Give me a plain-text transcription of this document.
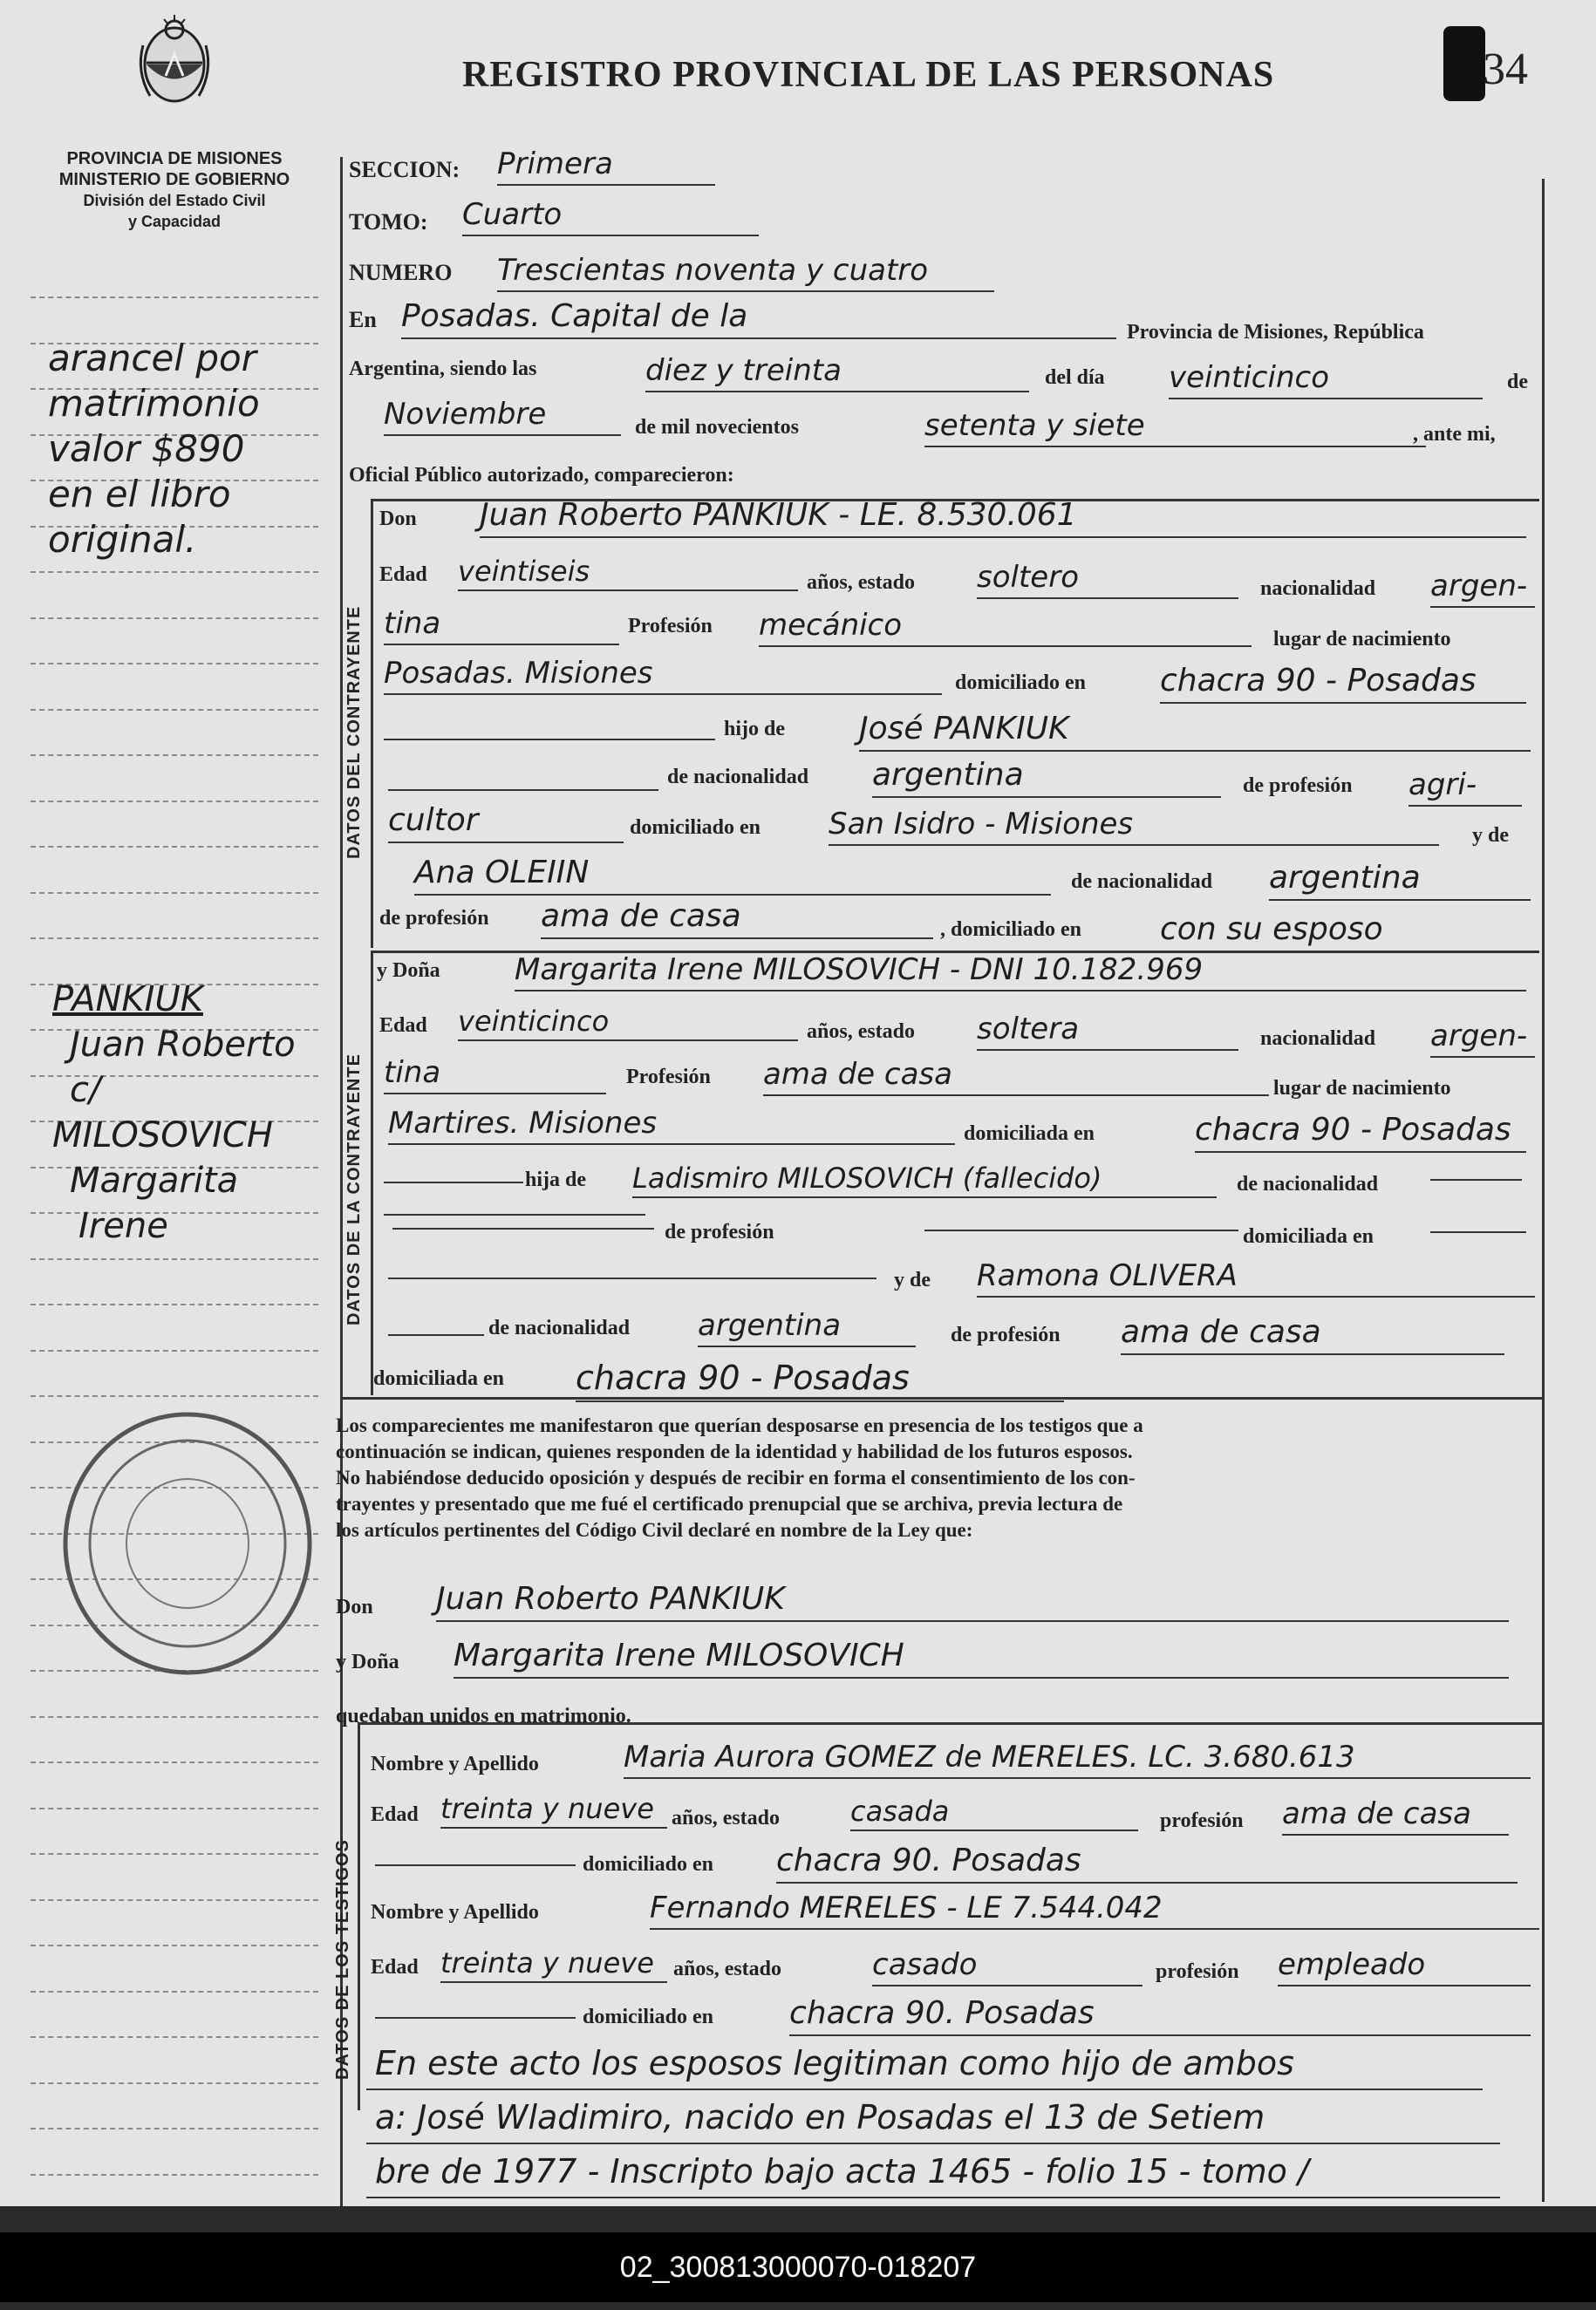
PROVINCIA DE MISIONES
MINISTERIO DE GOBIERNO
División del Estado Civil
y Capacidad
REGISTRO PROVINCIAL DE LAS PERSONAS	34
arancel por
matrimonio
valor $890
en el libro
original.
PANKIUK
Juan Roberto
c/
MILOSOVICH
Margarita
Irene
DATOS DEL CONTRAYENTE
DATOS DE LA CONTRAYENTE
DATOS DE LOS TESTIGOS
SECCION: Primera
TOMO: Cuarto
NUMERO Trescientas noventa y cuatro
En Posadas. Capital de la	Provincia de Misiones, República
Argentina, siendo las	diez y treinta	del día veinticinco	de
Noviembre	de mil novecientos	setenta y siete	, ante mi,
Oficial Público autorizado, comparecieron:
Don Juan Roberto PANKIUK - LE. 8.530.061
Edad veintiseis	años, estado soltero	nacionalidad argen-
tina	Profesión mecánico	lugar de nacimiento
Posadas. Misiones	domiciliado en chacra 90 - Posadas
hijo de José PANKIUK
de nacionalidad argentina	de profesión agri-
cultor	domiciliado en San Isidro - Misiones	y de
Ana OLEIIN	de nacionalidad argentina
de profesión ama de casa	, domiciliado en con su esposo
y Doña	Margarita Irene MILOSOVICH - DNI 10.182.969
Edad veinticinco	años, estado soltera	nacionalidad argen-
tina	Profesión ama de casa	lugar de nacimiento
Martires. Misiones	domiciliada en	chacra 90 - Posadas
hija de Ladismiro MILOSOVICH (fallecido)	de nacionalidad
de profesión	domiciliada en
y de Ramona OLIVERA
de nacionalidad argentina	de profesión ama de casa
domiciliada en chacra 90 - Posadas
Don Juan Roberto PANKIUK
y Doña Margarita Irene MILOSOVICH
quedaban unidos en matrimonio.
Nombre y Apellido	Maria Aurora GOMEZ de MERELES. LC. 3.680.613
Edad treinta y nueve años, estado	casada	profesión ama de casa
domiciliado en chacra 90. Posadas
Nombre y Apellido	Fernando MERELES - LE 7.544.042
Edad treinta y nueve años, estado	casado	profesión empleado
domiciliado en chacra 90. Posadas
Los comparecientes me manifestaron que querían desposarse en presencia de los testigos que a
continuación se indican, quienes responden de la identidad y habilidad de los futuros esposos.
No habiéndose deducido oposición y después de recibir en forma el consentimiento de los con-
trayentes y presentado que me fué el certificado prenupcial que se archiva, previa lectura de
los artículos pertinentes del Código Civil declaré en nombre de la Ley que:
En este acto los esposos legitiman como hijo de ambos
a: José Wladimiro, nacido en Posadas el 13 de Setiem
bre de 1977 - Inscripto bajo acta 1465 - folio 15 - tomo /
02_300813000070-018207
